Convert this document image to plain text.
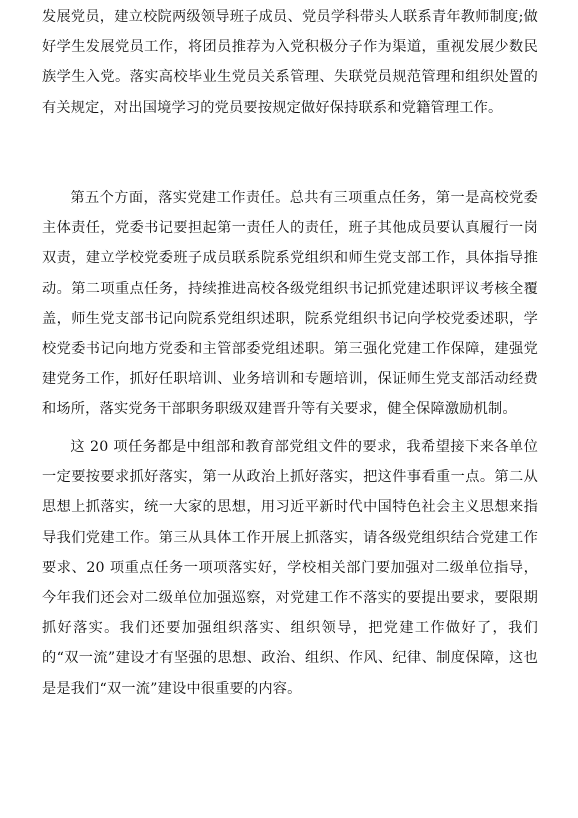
发展党员，建立校院两级领导班子成员、党员学科带头人联系青年教师制度;做好学生发展党员工作，将团员推荐为入党积极分子作为渠道，重视发展少数民族学生入党。落实高校毕业生党员关系管理、失联党员规范管理和组织处置的有关规定，对出国境学习的党员要按规定做好保持联系和党籍管理工作。

第五个方面，落实党建工作责任。总共有三项重点任务，第一是高校党委主体责任，党委书记要担起第一责任人的责任，班子其他成员要认真履行一岗双责，建立学校党委班子成员联系院系党组织和师生党支部工作，具体指导推动。第二项重点任务，持续推进高校各级党组织书记抓党建述职评议考核全覆盖，师生党支部书记向院系党组织述职，院系党组织书记向学校党委述职，学校党委书记向地方党委和主管部委党组述职。第三强化党建工作保障，建强党建党务工作，抓好任职培训、业务培训和专题培训，保证师生党支部活动经费和场所，落实党务干部职务职级双建晋升等有关要求，健全保障激励机制。

这 20 项任务都是中组部和教育部党组文件的要求，我希望接下来各单位一定要按要求抓好落实，第一从政治上抓好落实，把这件事看重一点。第二从思想上抓落实，统一大家的思想，用习近平新时代中国特色社会主义思想来指导我们党建工作。第三从具体工作开展上抓落实，请各级党组织结合党建工作要求、20 项重点任务一项项落实好，学校相关部门要加强对二级单位指导，今年我们还会对二级单位加强巡察，对党建工作不落实的要提出要求，要限期抓好落实。我们还要加强组织落实、组织领导，把党建工作做好了，我们的“双一流”建设才有坚强的思想、政治、组织、作风、纪律、制度保障，这也是是我们“双一流”建设中很重要的内容。
